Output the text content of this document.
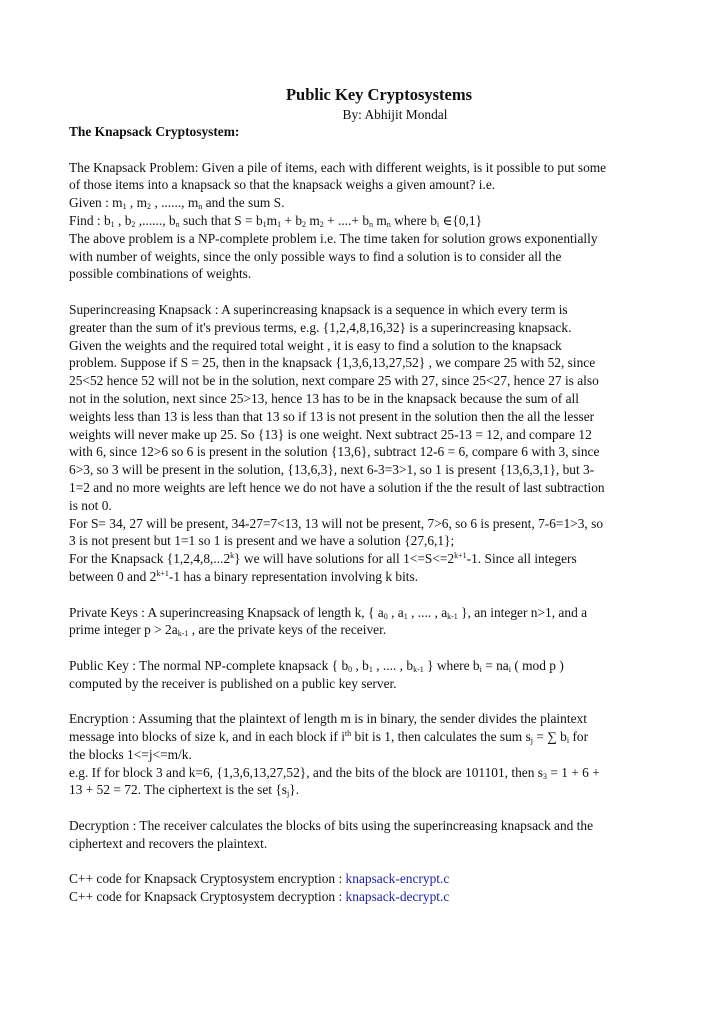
Public Key Cryptosystems
By: Abhijit Mondal
The Knapsack Cryptosystem:

The Knapsack Problem: Given a pile of items, each with different weights, is it possible to put some
of those items into a knapsack so that the knapsack weighs a given amount? i.e.
Given : $m_1$ , $m_2$ , ......, $m_n$ and the sum S.
Find : $b_1$ , $b_2$ ,......, $b_n$ such that $S = b_1m_1 + b_2$ $m_2$ + ....+ $b_n$ $m_n$ where $b_i$ ∈{0,1}
The above problem is a NP-complete problem i.e. The time taken for solution grows exponentially
with number of weights, since the only possible ways to find a solution is to consider all the
possible combinations of weights.

Superincreasing Knapsack : A superincreasing knapsack is a sequence in which every term is
greater than the sum of it's previous terms, e.g. {1,2,4,8,16,32} is a superincreasing knapsack.
Given the weights and the required total weight , it is easy to find a solution to the knapsack
problem. Suppose if S = 25, then in the knapsack {1,3,6,13,27,52} , we compare 25 with 52, since
25<52 hence 52 will not be in the solution, next compare 25 with 27, since 25<27, hence 27 is also
not in the solution, next since 25>13, hence 13 has to be in the knapsack because the sum of all
weights less than 13 is less than that 13 so if 13 is not present in the solution then the all the lesser
weights will never make up 25. So {13} is one weight. Next subtract 25-13 = 12, and compare 12
with 6, since 12>6 so 6 is present in the solution {13,6}, subtract 12-6 = 6, compare 6 with 3, since
6>3, so 3 will be present in the solution, {13,6,3}, next 6-3=3>1, so 1 is present {13,6,3,1}, but 3-
1=2 and no more weights are left hence we do not have a solution if the the result of last subtraction
is not 0.
For S= 34, 27 will be present, 34-27=7<13, 13 will not be present, 7>6, so 6 is present, 7-6=1>3, so
3 is not present but 1=1 so 1 is present and we have a solution {27,6,1};
For the Knapsack {1,2,4,8,...2$^k$} we will have solutions for all $1<=S<=2^{k+1}-1$. Since all integers
between 0 and $2^{k+1}-1$ has a binary representation involving k bits.

Private Keys : A superincreasing Knapsack of length k, { $a_0$ , $a_1$ , .... , $a_{k-1}$ }, an integer n>1, and a
prime integer $p > 2a_{k-1}$ , are the private keys of the receiver.

Public Key : The normal NP-complete knapsack { $b_0$ , $b_1$ , .... , $b_{k-1}$ } where $b_i = na_i$ ( mod p )
computed by the receiver is published on a public key server.

Encryption : Assuming that the plaintext of length m is in binary, the sender divides the plaintext
message into blocks of size k, and in each block if $i^{th}$ bit is 1, then calculates the sum $s_j$ = ∑ $b_i$ for
the blocks 1<=j<=m/k.
e.g. If for block 3 and k=6, {1,3,6,13,27,52}, and the bits of the block are 101101, then $s_3 = 1 + 6$ +
13 + 52 = 72. The ciphertext is the set $\{s_j\}$.

Decryption : The receiver calculates the blocks of bits using the superincreasing knapsack and the
ciphertext and recovers the plaintext.

C++ code for Knapsack Cryptosystem encryption : knapsack-encrypt.c
C++ code for Knapsack Cryptosystem decryption : knapsack-decrypt.c
